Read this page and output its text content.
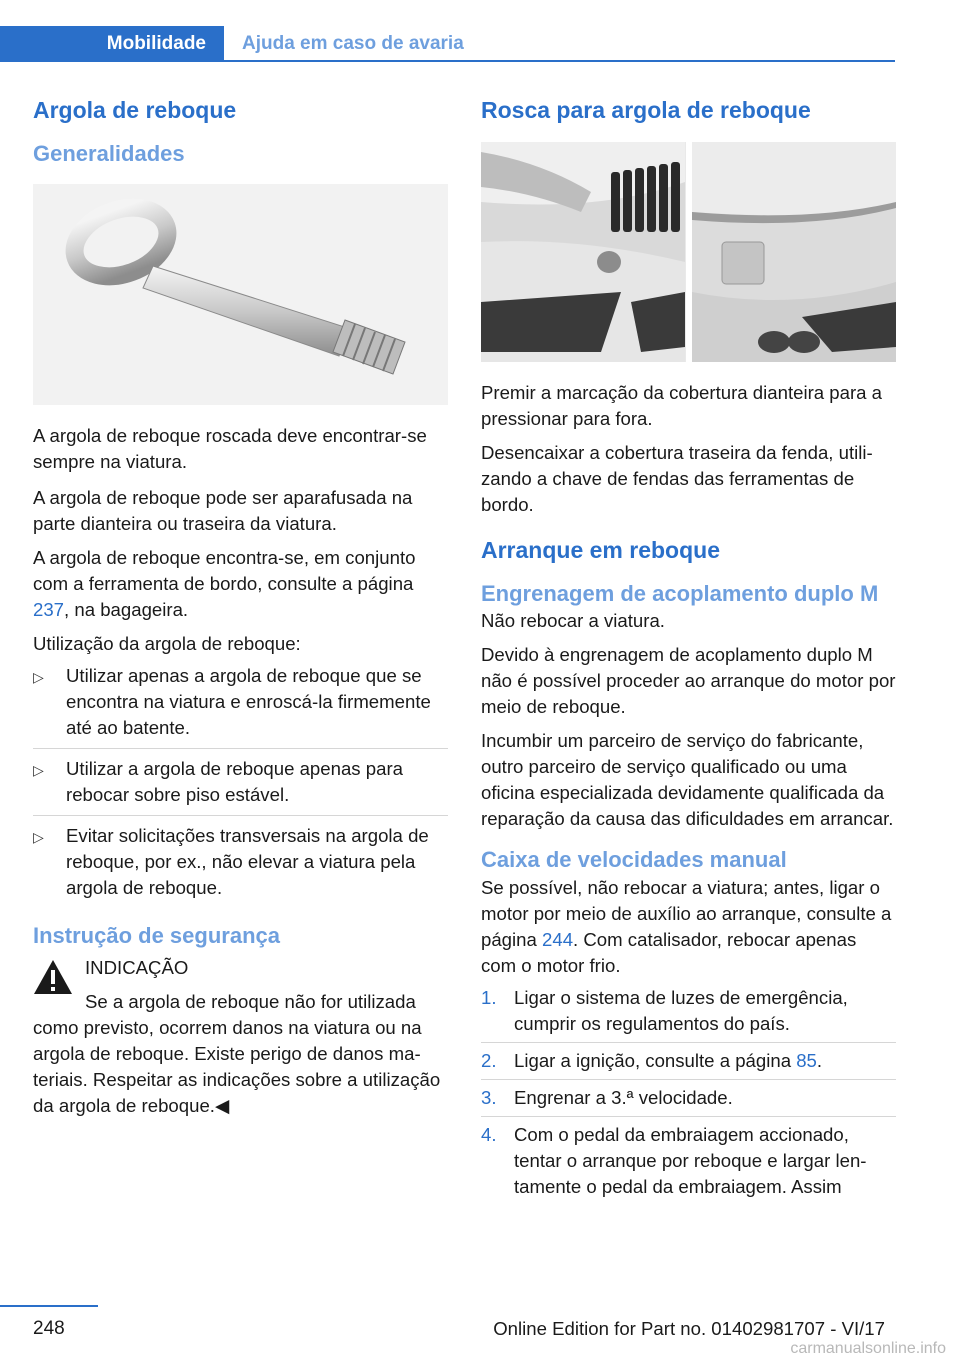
Mobilidade	Ajuda em caso de avaria
Argola de reboque
Generalidades

A argola de reboque roscada deve encontrar-se sempre na viatura.

A argola de reboque pode ser aparafusada na parte dianteira ou traseira da viatura.

A argola de reboque encontra-se, em conjunto com a ferramenta de bordo, consulte a página 237, na bagageira.

Utilização da argola de reboque:

▷ Utilizar apenas a argola de reboque que se encontra na viatura e enroscá-la firmemente até ao batente.
▷ Utilizar a argola de reboque apenas para rebocar sobre piso estável.
▷ Evitar solicitações transversais na argola de reboque, por ex., não elevar a viatura pela argola de reboque.
Instrução de segurança
INDICAÇÃO
Se a argola de reboque não for utilizada

como previsto, ocorrem danos na viatura ou na argola de reboque. Existe perigo de danos materiais. Respeitar as indicações sobre a utilização da argola de reboque.◀

Rosca para argola de reboque

Premir a marcação da cobertura dianteira para a pressionar para fora.

Desencaixar a cobertura traseira da fenda, utilizando a chave de fendas das ferramentas de bordo.

Arranque em reboque
Engrenagem de acoplamento duplo M

Não rebocar a viatura.

Devido à engrenagem de acoplamento duplo M não é possível proceder ao arranque do motor por meio de reboque.

Incumbir um parceiro de serviço do fabricante, outro parceiro de serviço qualificado ou uma oficina especializada devidamente qualificada da reparação da causa das dificuldades em arrancar.

Caixa de velocidades manual

Se possível, não rebocar a viatura; antes, ligar o motor por meio de auxílio ao arranque, consulte a página 244. Com catalisador, rebocar apenas com o motor frio.

1. Ligar o sistema de luzes de emergência, cumprir os regulamentos do país.
2. Ligar a ignição, consulte a página 85.
3. Engrenar a 3.ª velocidade.
4. Com o pedal da embraiagem accionado, tentar o arranque por reboque e largar lentamente o pedal da embraiagem. Assim
248	Online Edition for Part no. 01402981707 - VI/17
carmanualsonline.info
